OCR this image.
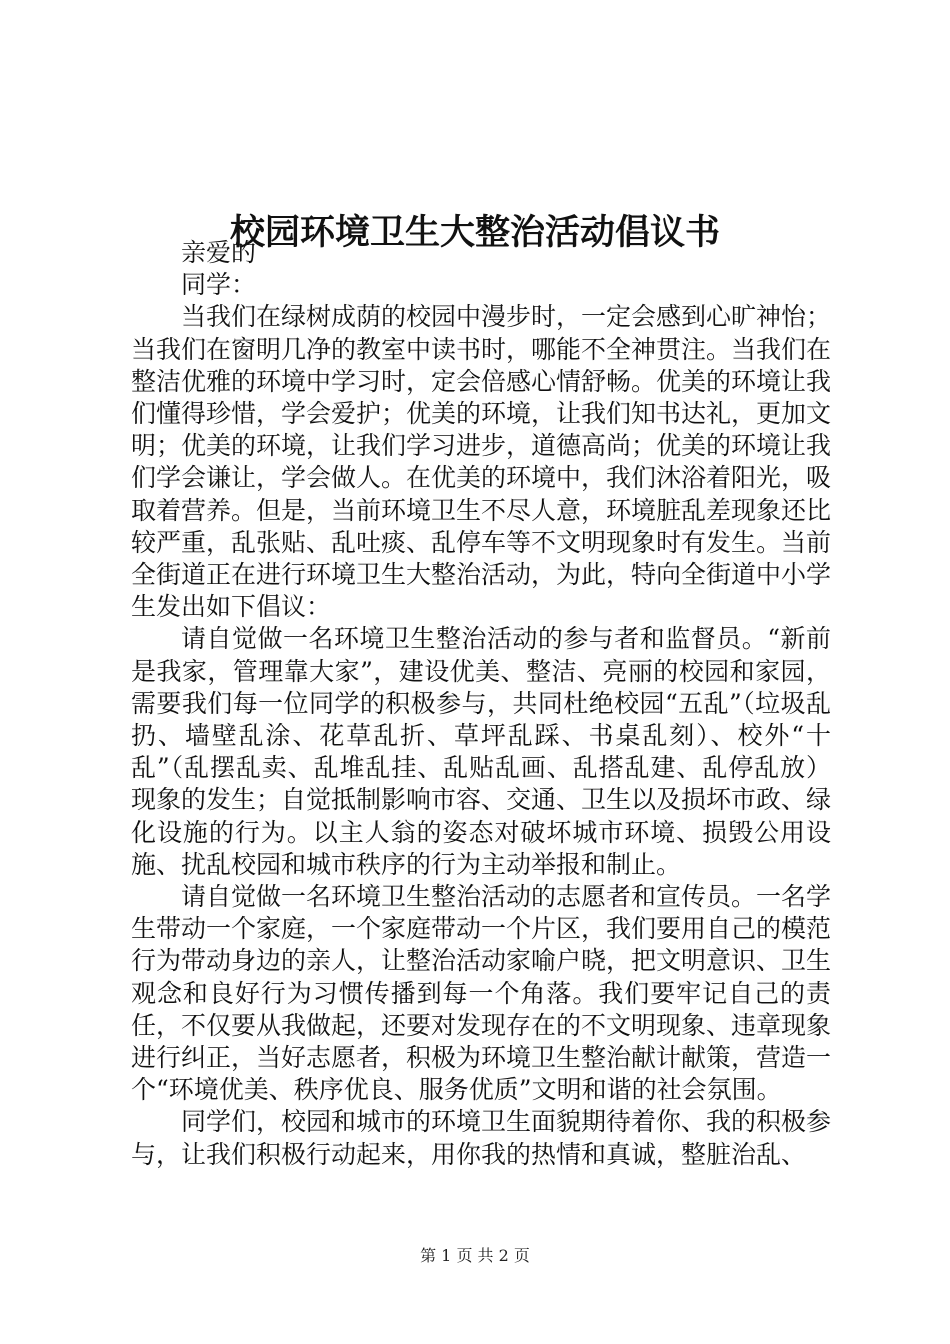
校园环境卫生大整治活动倡议书

亲爱的

同学：

当我们在绿树成荫的校园中漫步时，一定会感到心旷神怡；当我们在窗明几净的教室中读书时，哪能不全神贯注。当我们在整洁优雅的环境中学习时，定会倍感心情舒畅。优美的环境让我们懂得珍惜，学会爱护；优美的环境，让我们知书达礼，更加文明；优美的环境，让我们学习进步，道德高尚；优美的环境让我们学会谦让，学会做人。在优美的环境中，我们沐浴着阳光，吸取着营养。但是，当前环境卫生不尽人意，环境脏乱差现象还比较严重，乱张贴、乱吐痰、乱停车等不文明现象时有发生。当前全街道正在进行环境卫生大整治活动，为此，特向全街道中小学生发出如下倡议：

请自觉做一名环境卫生整治活动的参与者和监督员。“新前是我家，管理靠大家”，建设优美、整洁、亮丽的校园和家园，需要我们每一位同学的积极参与，共同杜绝校园“五乱”（垃圾乱扔、墙壁乱涂、花草乱折、草坪乱踩、书桌乱刻）、校外“十乱”（乱摆乱卖、乱堆乱挂、乱贴乱画、乱搭乱建、乱停乱放）现象的发生；自觉抵制影响市容、交通、卫生以及损坏市政、绿化设施的行为。以主人翁的姿态对破坏城市环境、损毁公用设施、扰乱校园和城市秩序的行为主动举报和制止。

请自觉做一名环境卫生整治活动的志愿者和宣传员。一名学生带动一个家庭，一个家庭带动一个片区，我们要用自己的模范行为带动身边的亲人，让整治活动家喻户晓，把文明意识、卫生观念和良好行为习惯传播到每一个角落。我们要牢记自己的责任，不仅要从我做起，还要对发现存在的不文明现象、违章现象进行纠正，当好志愿者，积极为环境卫生整治献计献策，营造一个“环境优美、秩序优良、服务优质”文明和谐的社会氛围。

同学们，校园和城市的环境卫生面貌期待着你、我的积极参与，让我们积极行动起来，用你我的热情和真诚，整脏治乱、

第 1 页 共 2 页
